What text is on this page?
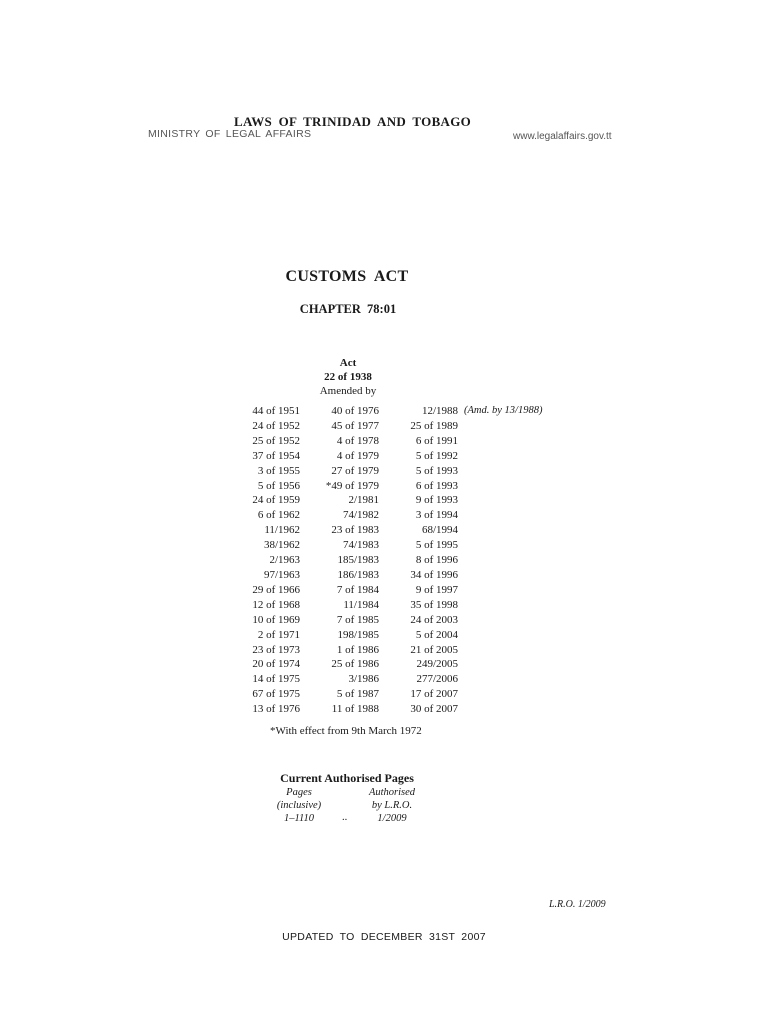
LAWS OF TRINIDAD AND TOBAGO
MINISTRY OF LEGAL AFFAIRS	www.legalaffairs.gov.tt
CUSTOMS ACT
CHAPTER 78:01
Act
22 of 1938
Amended by
44 of 1951
24 of 1952
25 of 1952
37 of 1954
3 of 1955
5 of 1956
24 of 1959
6 of 1962
11/1962
38/1962
2/1963
97/1963
29 of 1966
12 of 1968
10 of 1969
2 of 1971
23 of 1973
20 of 1974
14 of 1975
67 of 1975
13 of 1976
40 of 1976
45 of 1977
4 of 1978
4 of 1979
27 of 1979
*49 of 1979
2/1981
74/1982
23 of 1983
74/1983
185/1983
186/1983
7 of 1984
11/1984
7 of 1985
198/1985
1 of 1986
25 of 1986
3/1986
5 of 1987
11 of 1988
12/1988
25 of 1989
6 of 1991
5 of 1992
5 of 1993
6 of 1993
9 of 1993
3 of 1994
68/1994
5 of 1995
8 of 1996
34 of 1996
9 of 1997
35 of 1998
24 of 2003
5 of 2004
21 of 2005
249/2005
277/2006
17 of 2007
30 of 2007
(Amd. by 13/1988)
*With effect from 9th March 1972
Current Authorised Pages
Pages
(inclusive)
1–1110	..
Authorised
by L.R.O.
1/2009
L.R.O. 1/2009
UPDATED TO DECEMBER 31ST 2007
